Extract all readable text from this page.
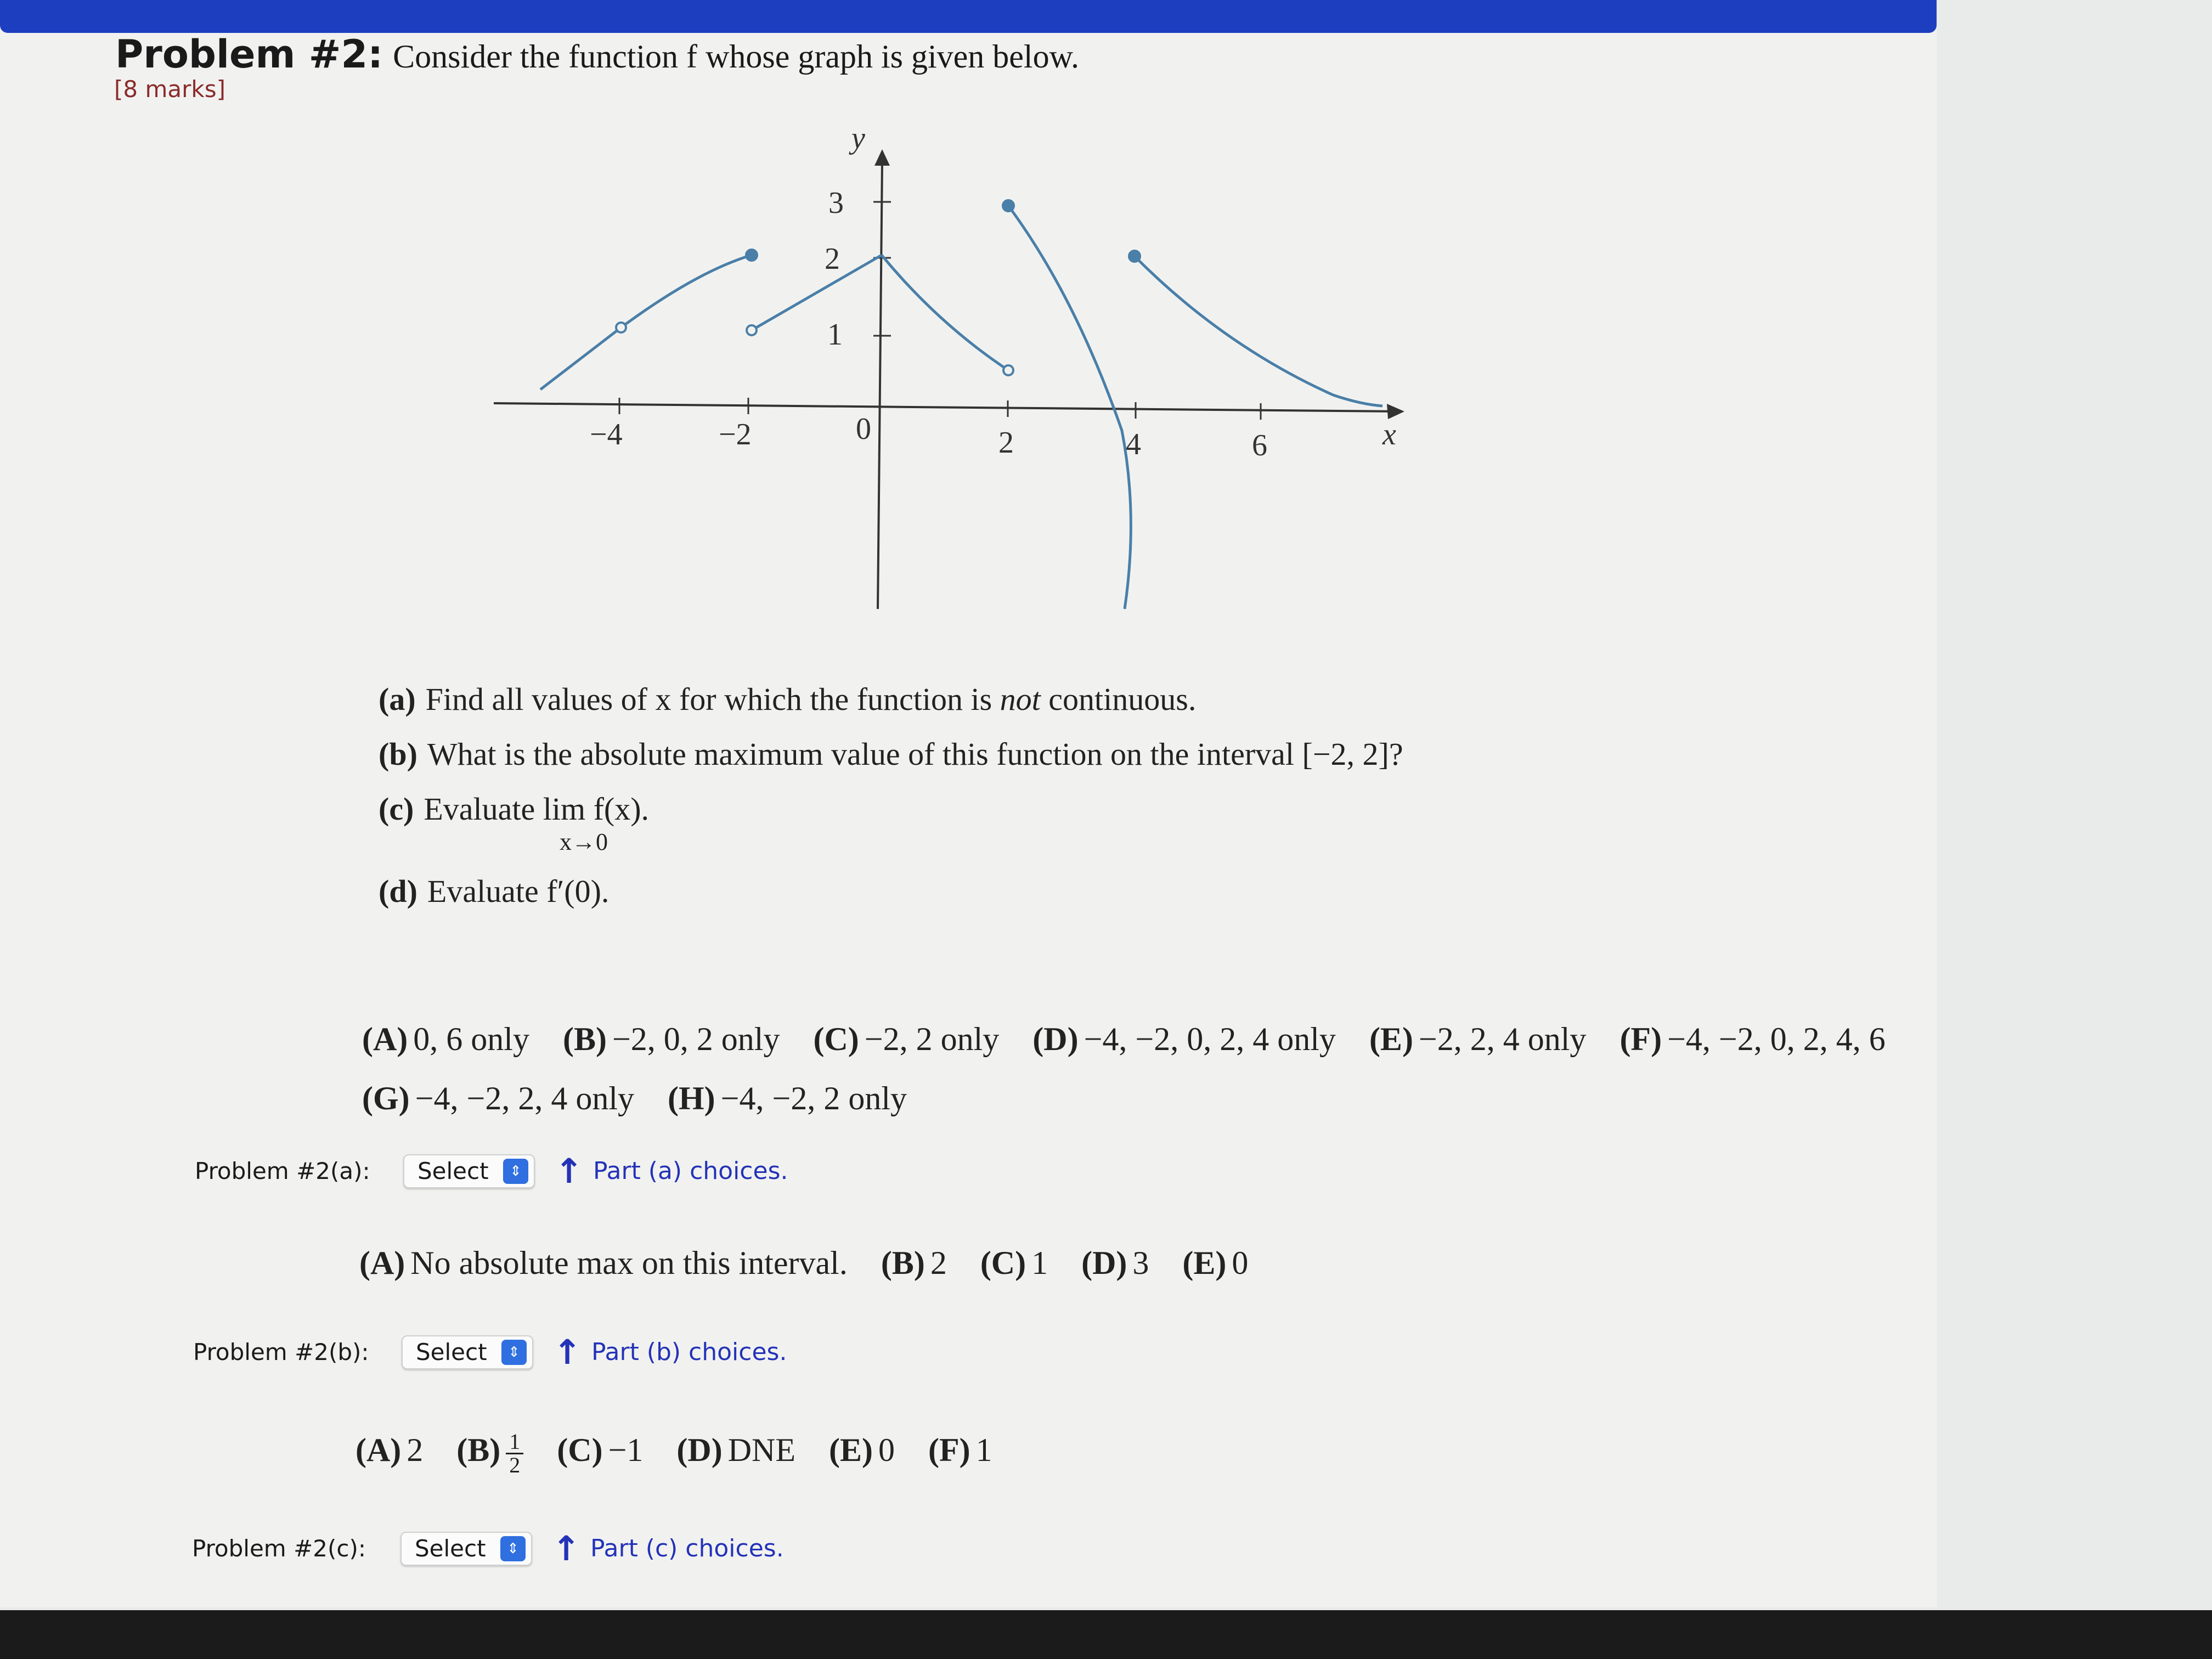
Problem #2: Consider the function f whose graph is given below.
[8 marks]
−4	−2	2	4	6
0
1
2
3
y
x
(a) Find all values of x for which the function is not continuous.
(b) What is the absolute maximum value of this function on the interval [−2, 2]?
(c) Evaluate lim f(x).
x→0
(d) Evaluate f′(0).
(A) 0, 6 only (B) −2, 0, 2 only (C) −2, 2 only (D) −4, −2, 0, 2, 4 only (E) −2, 2, 4 only (F) −4, −2, 0, 2, 4, 6
(G) −4, −2, 2, 4 only (H) −4, −2, 2 only
Problem #2(a):	Select	⇕ ↑ Part (a) choices.
(A) No absolute max on this interval. (B) 2 (C) 1 (D) 3 (E) 0
Problem #2(b):	Select	⇕ ↑ Part (b) choices.
(A) 2 $(B) \frac{1}{2} (C) -1$ (D) DNE (E) 0 (F) 1
Problem #2(c):	Select	⇕ ↑ Part (c) choices.
